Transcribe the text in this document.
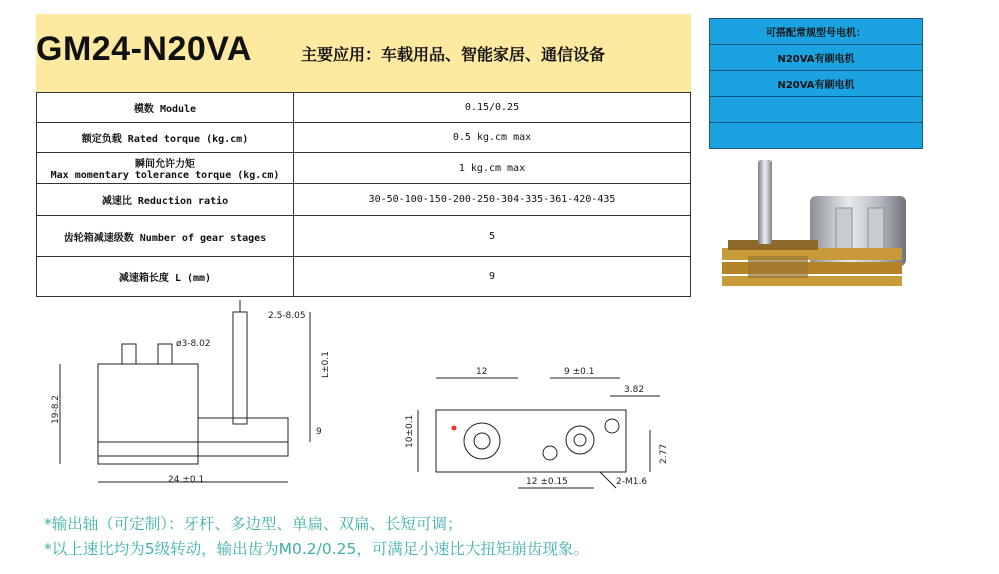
GM24-N20VA	主要应用：车载用品、智能家居、通信设备
模数 Module	0.15/0.25
额定负载 Rated torque (kg.cm)	0.5 kg.cm max

瞬间允许力矩
Max momentary tolerance torque (kg.cm)	1 kg.cm max
减速比 Reduction ratio	30-50-100-150-200-250-304-335-361-420-435
齿轮箱减速级数 Number of gear stages	5
减速箱长度 L (mm)	9
可搭配常规型号电机：
N20VA有刷电机
N20VA有刷电机
ø3-8.02
2.5-8.05
19-8.2
L±0.1
9
24 ±0.1
12	9 ±0.1
3.82
10±0.1
2.77
12 ±0.15	2-M1.6
*输出轴（可定制）：牙杆、多边型、单扁、双扁、长短可调；
*以上速比均为5级转动，输出齿为M0.2/0.25，可满足小速比大扭矩崩齿现象。
